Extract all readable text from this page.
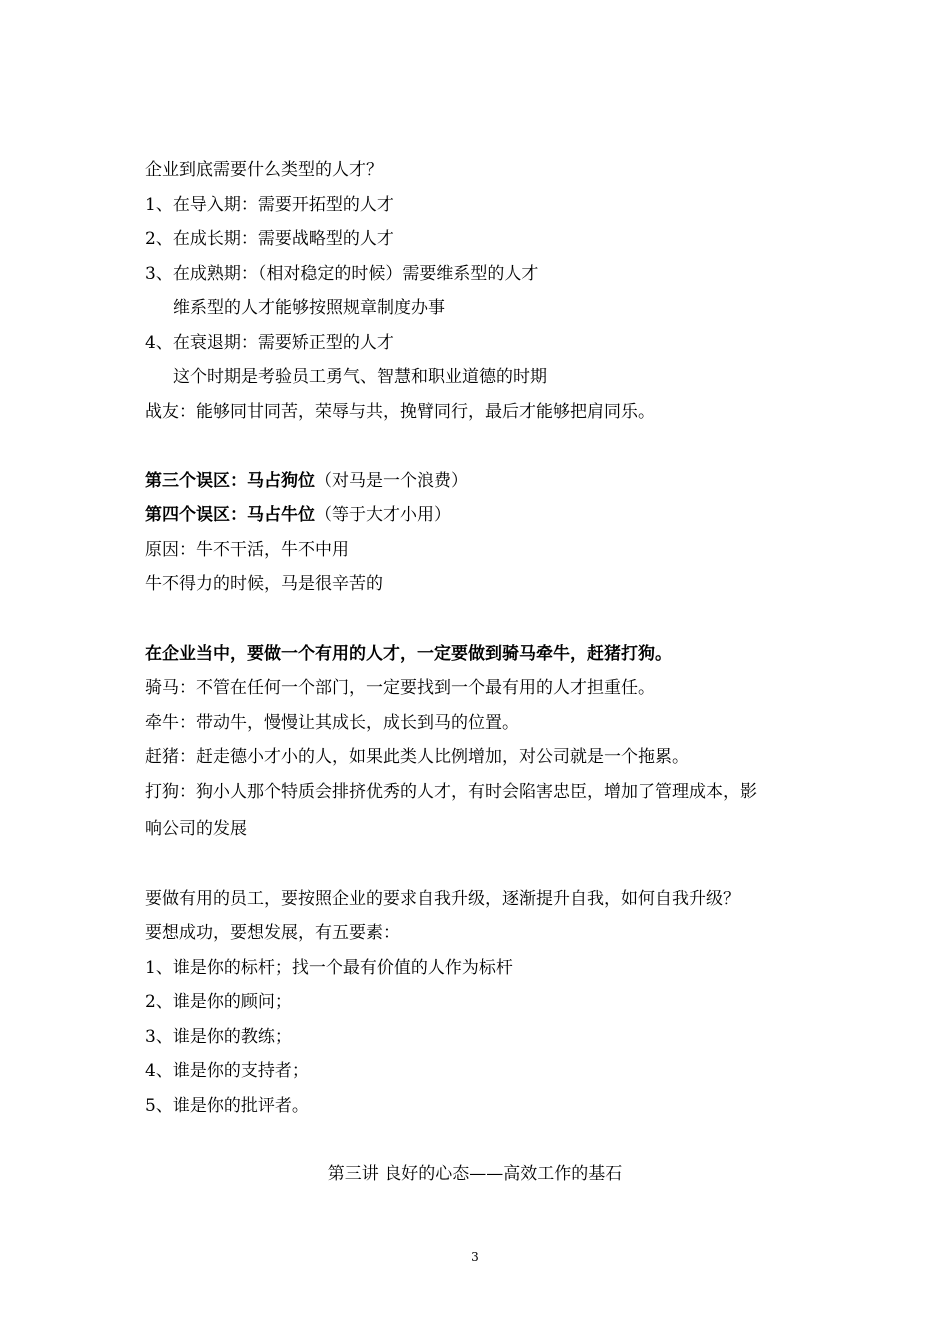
企业到底需要什么类型的人才？
1、在导入期：需要开拓型的人才
2、在成长期：需要战略型的人才
3、在成熟期：（相对稳定的时候）需要维系型的人才
维系型的人才能够按照规章制度办事
4、在衰退期：需要矫正型的人才
这个时期是考验员工勇气、智慧和职业道德的时期
战友：能够同甘同苦，荣辱与共，挽臂同行，最后才能够把肩同乐。
第三个误区：马占狗位（对马是一个浪费）
第四个误区：马占牛位（等于大才小用）
原因：牛不干活，牛不中用
牛不得力的时候，马是很辛苦的
在企业当中，要做一个有用的人才，一定要做到骑马牵牛，赶猪打狗。
骑马：不管在任何一个部门，一定要找到一个最有用的人才担重任。
牵牛：带动牛，慢慢让其成长，成长到马的位置。
赶猪：赶走德小才小的人，如果此类人比例增加，对公司就是一个拖累。
打狗：狗小人那个特质会排挤优秀的人才，有时会陷害忠臣，增加了管理成本，影
响公司的发展
要做有用的员工，要按照企业的要求自我升级，逐渐提升自我，如何自我升级？
要想成功，要想发展，有五要素：
1、谁是你的标杆；找一个最有价值的人作为标杆
2、谁是你的顾问；
3、谁是你的教练；
4、谁是你的支持者；
5、谁是你的批评者。
第三讲 良好的心态——高效工作的基石
3
